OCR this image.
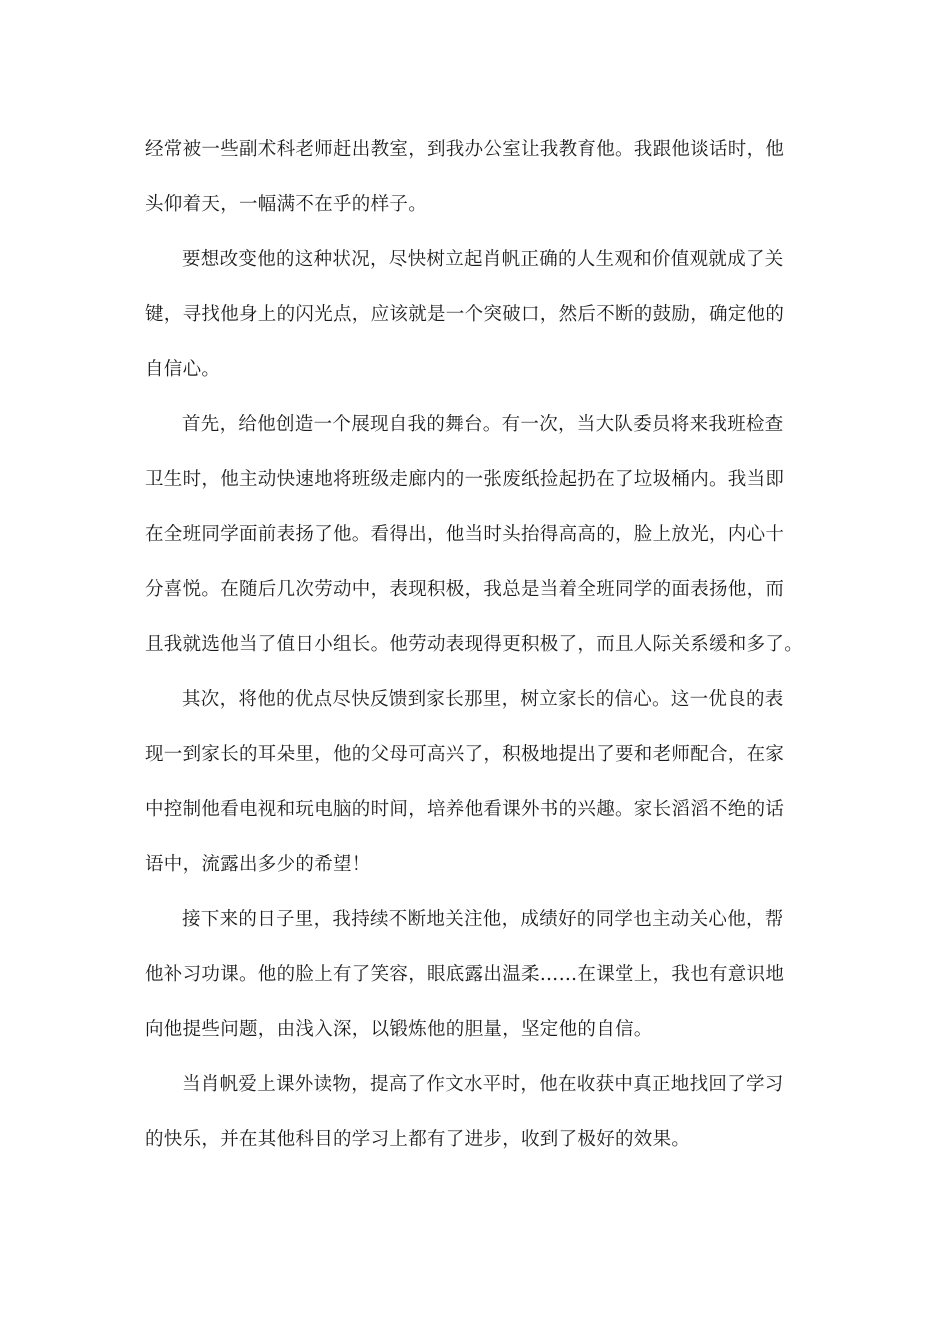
经常被一些副术科老师赶出教室，到我办公室让我教育他。我跟他谈话时，他
头仰着天，一幅满不在乎的样子。
要想改变他的这种状况，尽快树立起肖帆正确的人生观和价值观就成了关
键，寻找他身上的闪光点，应该就是一个突破口，然后不断的鼓励，确定他的
自信心。
首先，给他创造一个展现自我的舞台。有一次，当大队委员将来我班检查
卫生时，他主动快速地将班级走廊内的一张废纸捡起扔在了垃圾桶内。我当即
在全班同学面前表扬了他。看得出，他当时头抬得高高的，脸上放光，内心十
分喜悦。在随后几次劳动中，表现积极，我总是当着全班同学的面表扬他，而
且我就选他当了值日小组长。他劳动表现得更积极了，而且人际关系缓和多了。
其次，将他的优点尽快反馈到家长那里，树立家长的信心。这一优良的表
现一到家长的耳朵里，他的父母可高兴了，积极地提出了要和老师配合，在家
中控制他看电视和玩电脑的时间，培养他看课外书的兴趣。家长滔滔不绝的话
语中，流露出多少的希望！
接下来的日子里，我持续不断地关注他，成绩好的同学也主动关心他，帮
他补习功课。他的脸上有了笑容，眼底露出温柔……在课堂上，我也有意识地
向他提些问题，由浅入深，以锻炼他的胆量，坚定他的自信。
当肖帆爱上课外读物，提高了作文水平时，他在收获中真正地找回了学习
的快乐，并在其他科目的学习上都有了进步，收到了极好的效果。
